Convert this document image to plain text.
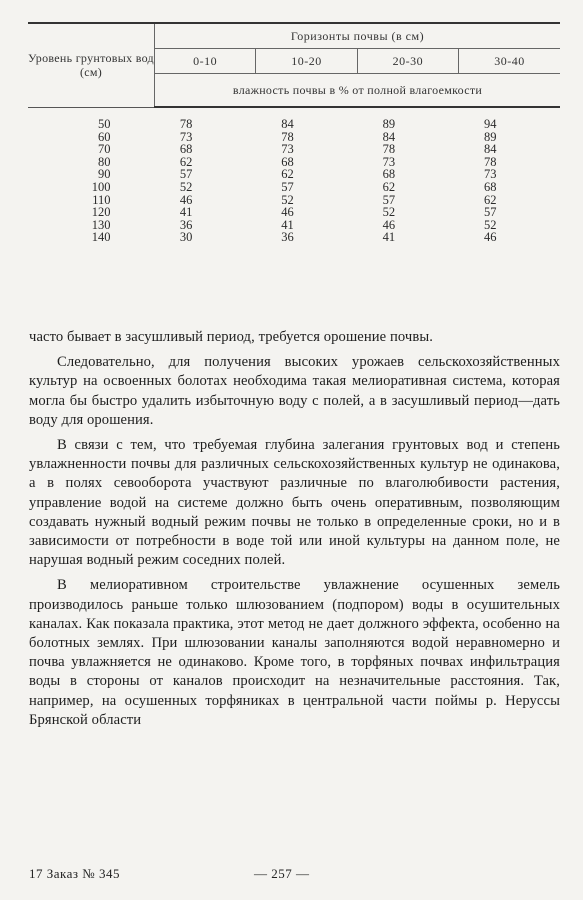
Уровень грунтовых вод (см)	Горизонты почвы (в см)			
	0-10	10-20	20-30	30-40
	влажность почвы в % от полной влагоемкости			

50	78	84	89	94
60	73	78	84	89
70	68	73	78	84
80	62	68	73	78
90	57	62	68	73
100	52	57	62	68
110	46	52	57	62
120	41	46	52	57
130	36	41	46	52
140	30	36	41	46

часто бывает в засушливый период, требуется орошение почвы.

Следовательно, для получения высоких урожаев сельскохозяйственных культур на освоенных болотах необходима такая мелиоративная система, которая могла бы быстро удалить избыточную воду с полей, а в засушливый период—дать воду для орошения.

В связи с тем, что требуемая глубина залегания грунтовых вод и степень увлажненности почвы для различных сельскохозяйственных культур не одинакова, а в полях севооборота участвуют различные по влаголюбивости растения, управление водой на системе должно быть очень оперативным, позволяющим создавать нужный водный режим почвы не только в определенные сроки, но и в зависимости от потребности в воде той или иной культуры на данном поле, не нарушая водный режим соседних полей.

В мелиоративном строительстве увлажнение осушенных земель производилось раньше только шлюзованием (подпором) воды в осушительных каналах. Как показала практика, этот метод не дает должного эффекта, особенно на болотных землях. При шлюзовании каналы заполняются водой неравномерно и почва увлажняется не одинаково. Кроме того, в торфяных почвах инфильтрация воды в стороны от каналов происходит на незначительные расстояния. Так, например, на осушенных торфяниках в центральной части поймы р. Нерусcы Брянской области

17 Заказ № 345	— 257 —
